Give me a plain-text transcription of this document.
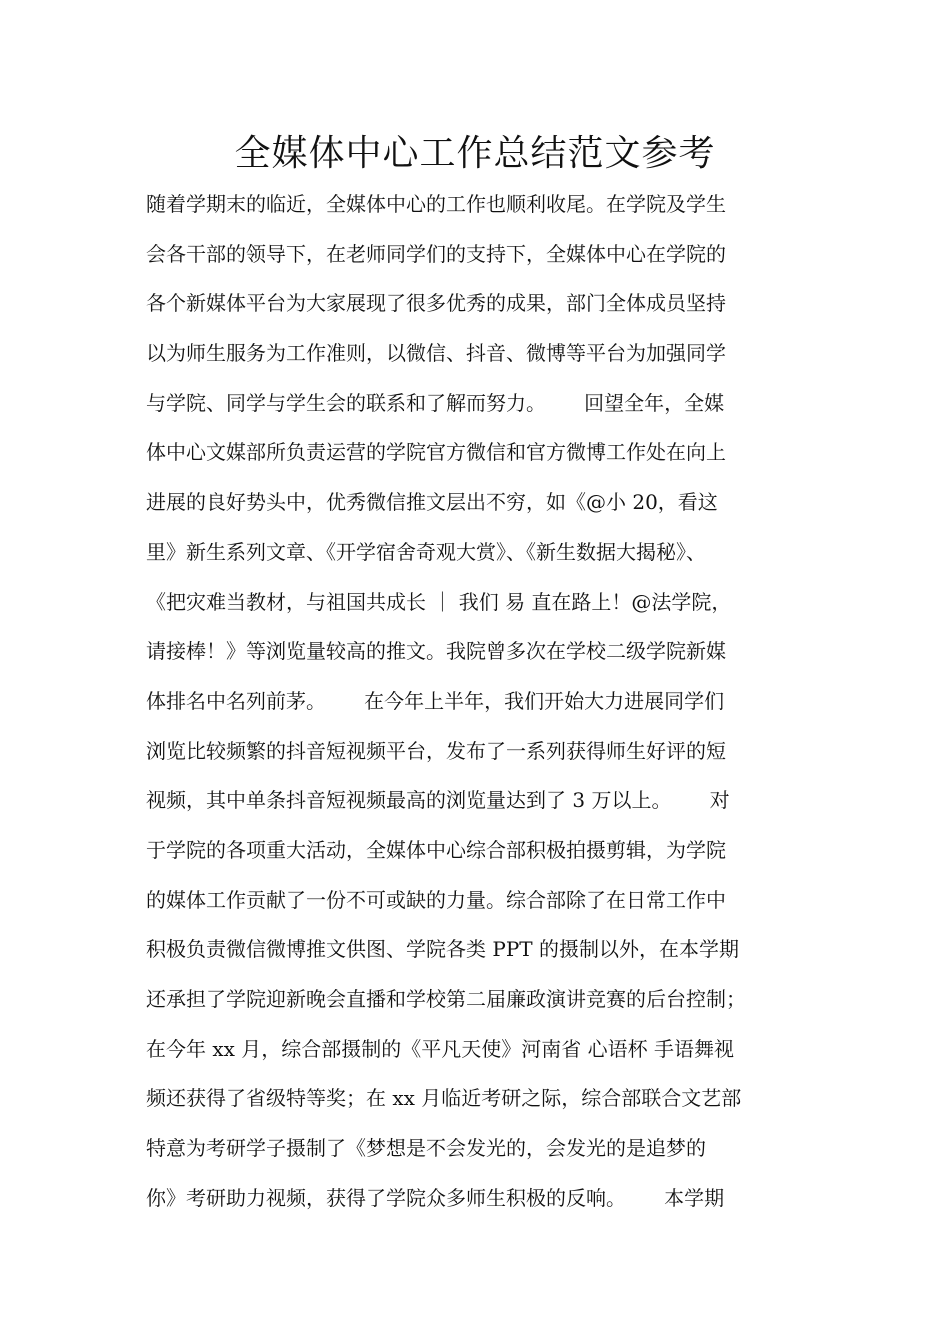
全媒体中心工作总结范文参考
随着学期末的临近，全媒体中心的工作也顺利收尾。在学院及学生
会各干部的领导下，在老师同学们的支持下，全媒体中心在学院的
各个新媒体平台为大家展现了很多优秀的成果，部门全体成员坚持
以为师生服务为工作准则，以微信、抖音、微博等平台为加强同学
与学院、同学与学生会的联系和了解而努力。      回望全年，全媒
体中心文媒部所负责运营的学院官方微信和官方微博工作处在向上
进展的良好势头中，优秀微信推文层出不穷，如《@小 20，看这
里》新生系列文章、《开学宿舍奇观大赏》、《新生数据大揭秘》、
《把灾难当教材，与祖国共成长 ｜ 我们 易 直在路上！@法学院，
请接棒！》等浏览量较高的推文。我院曾多次在学校二级学院新媒
体排名中名列前茅。      在今年上半年，我们开始大力进展同学们
浏览比较频繁的抖音短视频平台，发布了一系列获得师生好评的短
视频，其中单条抖音短视频最高的浏览量达到了 3 万以上。      对
于学院的各项重大活动，全媒体中心综合部积极拍摄剪辑，为学院
的媒体工作贡献了一份不可或缺的力量。综合部除了在日常工作中
积极负责微信微博推文供图、学院各类 PPT 的摄制以外，在本学期
还承担了学院迎新晚会直播和学校第二届廉政演讲竞赛的后台控制；
在今年 xx 月，综合部摄制的《平凡天使》河南省 心语杯 手语舞视
频还获得了省级特等奖；在 xx 月临近考研之际，综合部联合文艺部
特意为考研学子摄制了《梦想是不会发光的，会发光的是追梦的
你》考研助力视频，获得了学院众多师生积极的反响。      本学期
